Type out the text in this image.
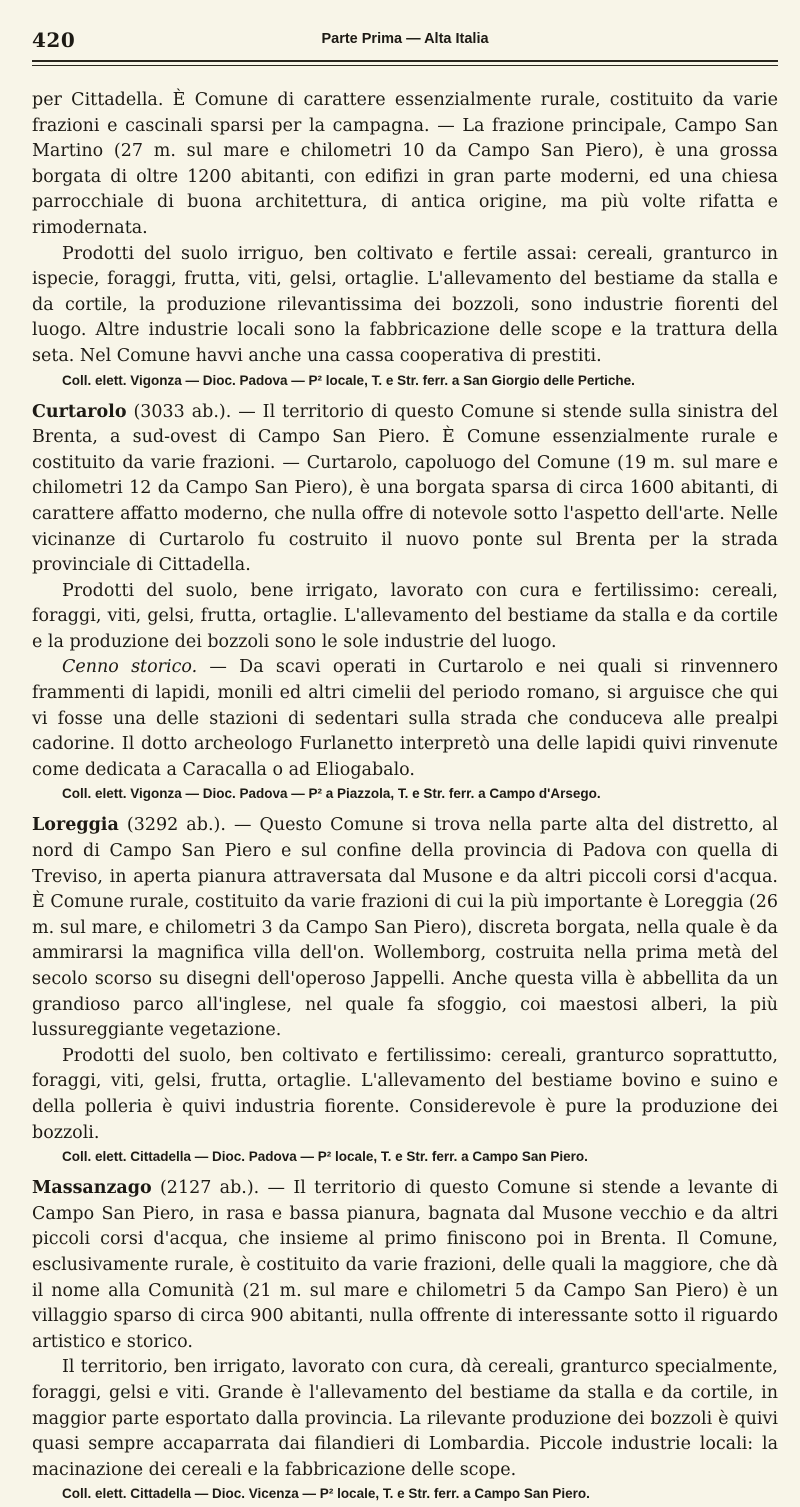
420	Parte Prima — Alta Italia

per Cittadella. È Comune di carattere essenzialmente rurale, costituito da varie frazioni e cascinali sparsi per la campagna. — La frazione principale, Campo San Martino (27 m. sul mare e chilometri 10 da Campo San Piero), è una grossa borgata di oltre 1200 abitanti, con edifizi in gran parte moderni, ed una chiesa parrocchiale di buona architettura, di antica origine, ma più volte rifatta e rimodernata.

Prodotti del suolo irriguo, ben coltivato e fertile assai: cereali, granturco in ispecie, foraggi, frutta, viti, gelsi, ortaglie. L'allevamento del bestiame da stalla e da cortile, la produzione rilevantissima dei bozzoli, sono industrie fiorenti del luogo. Altre industrie locali sono la fabbricazione delle scope e la trattura della seta. Nel Comune havvi anche una cassa cooperativa di prestiti.

Coll. elett. Vigonza — Dioc. Padova — P² locale, T. e Str. ferr. a San Giorgio delle Pertiche.

Curtarolo (3033 ab.). — Il territorio di questo Comune si stende sulla sinistra del Brenta, a sud-ovest di Campo San Piero. È Comune essenzialmente rurale e costituito da varie frazioni. — Curtarolo, capoluogo del Comune (19 m. sul mare e chilometri 12 da Campo San Piero), è una borgata sparsa di circa 1600 abitanti, di carattere affatto moderno, che nulla offre di notevole sotto l'aspetto dell'arte. Nelle vicinanze di Curtarolo fu costruito il nuovo ponte sul Brenta per la strada provinciale di Cittadella.

Prodotti del suolo, bene irrigato, lavorato con cura e fertilissimo: cereali, foraggi, viti, gelsi, frutta, ortaglie. L'allevamento del bestiame da stalla e da cortile e la produzione dei bozzoli sono le sole industrie del luogo.

Cenno storico. — Da scavi operati in Curtarolo e nei quali si rinvennero frammenti di lapidi, monili ed altri cimelii del periodo romano, si arguisce che qui vi fosse una delle stazioni di sedentari sulla strada che conduceva alle prealpi cadorine. Il dotto archeologo Furlanetto interpretò una delle lapidi quivi rinvenute come dedicata a Caracalla o ad Eliogabalo.

Coll. elett. Vigonza — Dioc. Padova — P² a Piazzola, T. e Str. ferr. a Campo d'Arsego.

Loreggia (3292 ab.). — Questo Comune si trova nella parte alta del distretto, al nord di Campo San Piero e sul confine della provincia di Padova con quella di Treviso, in aperta pianura attraversata dal Musone e da altri piccoli corsi d'acqua. È Comune rurale, costituito da varie frazioni di cui la più importante è Loreggia (26 m. sul mare, e chilometri 3 da Campo San Piero), discreta borgata, nella quale è da ammirarsi la magnifica villa dell'on. Wollemborg, costruita nella prima metà del secolo scorso su disegni dell'operoso Jappelli. Anche questa villa è abbellita da un grandioso parco all'inglese, nel quale fa sfoggio, coi maestosi alberi, la più lussureggiante vegetazione.

Prodotti del suolo, ben coltivato e fertilissimo: cereali, granturco soprattutto, foraggi, viti, gelsi, frutta, ortaglie. L'allevamento del bestiame bovino e suino e della polleria è quivi industria fiorente. Considerevole è pure la produzione dei bozzoli.

Coll. elett. Cittadella — Dioc. Padova — P² locale, T. e Str. ferr. a Campo San Piero.

Massanzago (2127 ab.). — Il territorio di questo Comune si stende a levante di Campo San Piero, in rasa e bassa pianura, bagnata dal Musone vecchio e da altri piccoli corsi d'acqua, che insieme al primo finiscono poi in Brenta. Il Comune, esclusivamente rurale, è costituito da varie frazioni, delle quali la maggiore, che dà il nome alla Comunità (21 m. sul mare e chilometri 5 da Campo San Piero) è un villaggio sparso di circa 900 abitanti, nulla offrente di interessante sotto il riguardo artistico e storico.

Il territorio, ben irrigato, lavorato con cura, dà cereali, granturco specialmente, foraggi, gelsi e viti. Grande è l'allevamento del bestiame da stalla e da cortile, in maggior parte esportato dalla provincia. La rilevante produzione dei bozzoli è quivi quasi sempre accaparrata dai filandieri di Lombardia. Piccole industrie locali: la macinazione dei cereali e la fabbricazione delle scope.

Coll. elett. Cittadella — Dioc. Vicenza — P² locale, T. e Str. ferr. a Campo San Piero.
